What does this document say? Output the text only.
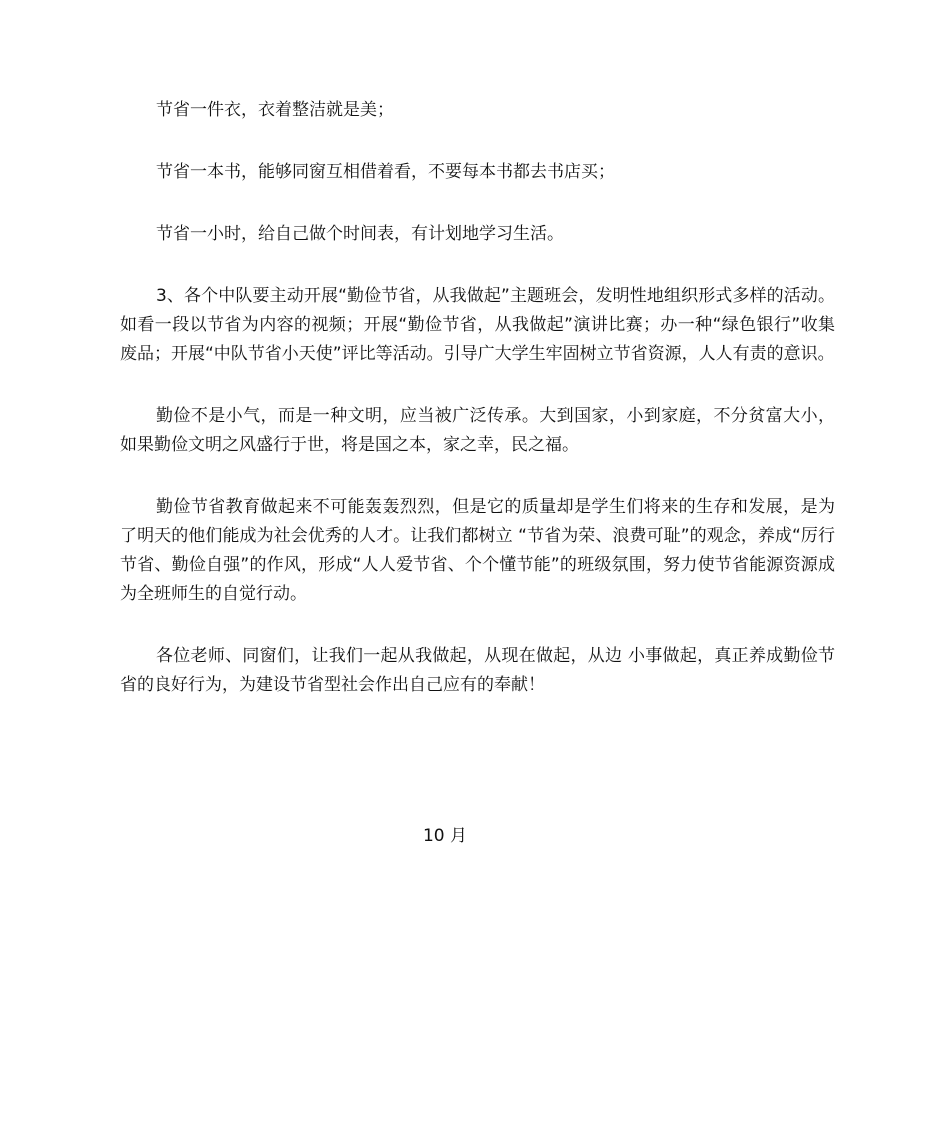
节省一件衣，衣着整洁就是美；

节省一本书，能够同窗互相借着看，不要每本书都去书店买；

节省一小时，给自己做个时间表，有计划地学习生活。

3、各个中队要主动开展“勤俭节省，从我做起”主题班会，发明性地组织形式多样的活动。如看一段以节省为内容的视频；开展“勤俭节省，从我做起”演讲比赛；办一种“绿色银行”收集废品；开展“中队节省小天使”评比等活动。引导广大学生牢固树立节省资源，人人有责的意识。

勤俭不是小气，而是一种文明，应当被广泛传承。大到国家，小到家庭，不分贫富大小，如果勤俭文明之风盛行于世，将是国之本，家之幸，民之福。

勤俭节省教育做起来不可能轰轰烈烈，但是它的质量却是学生们将来的生存和发展，是为了明天的他们能成为社会优秀的人才。让我们都树立 “节省为荣、浪费可耻”的观念，养成“厉行节省、勤俭自强”的作风，形成“人人爱节省、个个懂节能”的班级氛围，努力使节省能源资源成为全班师生的自觉行动。

各位老师、同窗们，让我们一起从我做起，从现在做起，从边 小事做起，真正养成勤俭节省的良好行为，为建设节省型社会作出自己应有的奉献！

10 月
